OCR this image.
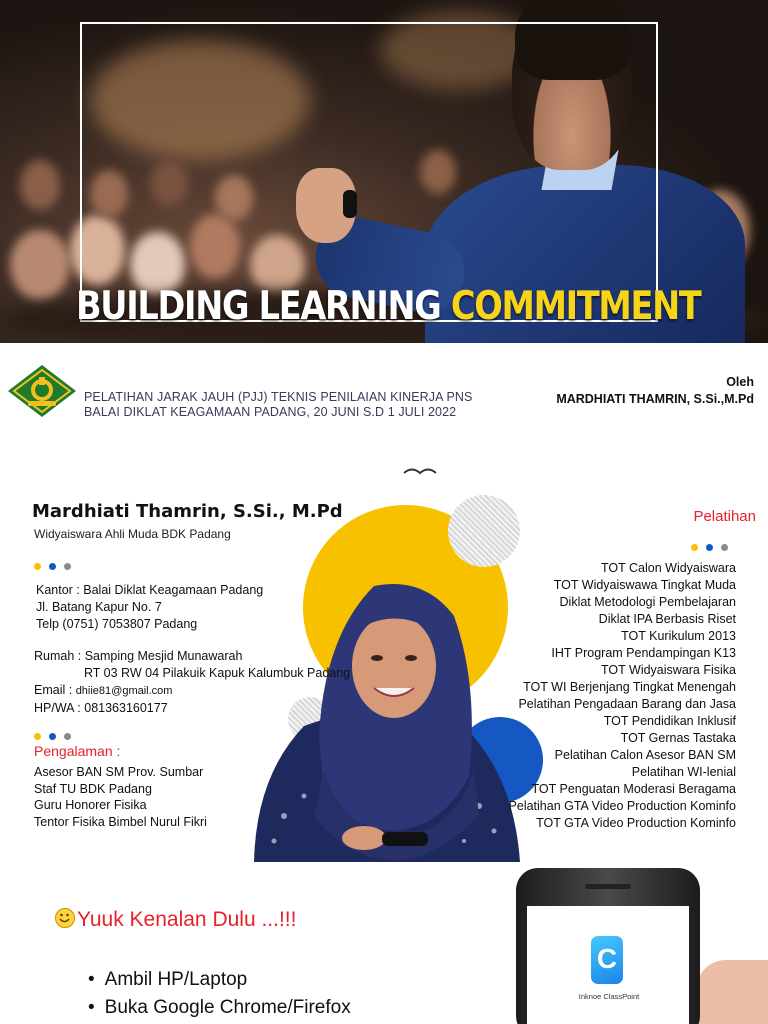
BUILDING LEARNING COMMITMENT
PELATIHAN JARAK JAUH (PJJ) TEKNIS PENILAIAN KINERJA PNS
BALAI DIKLAT KEAGAMAAN PADANG, 20 JUNI S.D 1 JULI 2022
Oleh
MARDHIATI THAMRIN, S.Si.,M.Pd
Mardhiati Thamrin, S.Si., M.Pd
Widyaiswara Ahli Muda BDK Padang
Kantor : Balai Diklat Keagamaan Padang
Jl. Batang Kapur No. 7
Telp (0751) 7053807 Padang
Rumah : Samping Mesjid Munawarah
RT 03 RW 04 Pilakuik Kapuk Kalumbuk Padang
Email : dhiie81@gmail.com
HP/WA : 081363160177
Pengalaman :
Asesor BAN SM Prov. Sumbar
Staf TU BDK Padang
Guru Honorer Fisika
Tentor Fisika Bimbel Nurul Fikri
Pelatihan
TOT Calon Widyaiswara
TOT Widyaiswawa Tingkat Muda
Diklat Metodologi Pembelajaran
Diklat IPA Berbasis Riset
TOT Kurikulum 2013
IHT Program Pendampingan K13
TOT Widyaiswara Fisika
TOT WI Berjenjang Tingkat Menengah
Pelatihan Pengadaan Barang dan Jasa
TOT Pendidikan Inklusif
TOT Gernas Tastaka
Pelatihan Calon Asesor BAN SM
Pelatihan WI-lenial
TOT Penguatan Moderasi Beragama
Pelatihan GTA Video Production Kominfo
TOT GTA Video Production Kominfo
Yuuk Kenalan Dulu ...!!!
• Ambil HP/Laptop
• Buka Google Chrome/Firefox
C
Inknoe ClassPoint
